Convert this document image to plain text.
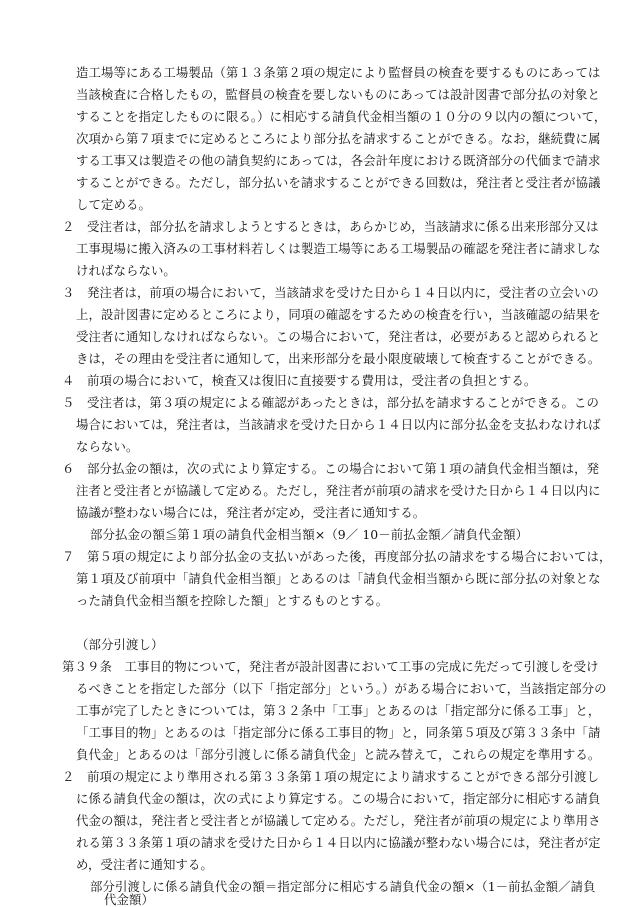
造工場等にある工場製品（第１３条第２項の規定により監督員の検査を要するものにあっては
当該検査に合格したもの，監督員の検査を要しないものにあっては設計図書で部分払の対象と
することを指定したものに限る。）に相応する請負代金相当額の１０分の９以内の額について，
次項から第７項までに定めるところにより部分払を請求することができる。なお，継続費に属
する工事又は製造その他の請負契約にあっては，各会計年度における既済部分の代価まで請求
することができる。ただし，部分払いを請求することができる回数は，発注者と受注者が協議
して定める。
２　受注者は，部分払を請求しようとするときは，あらかじめ，当該請求に係る出来形部分又は
工事現場に搬入済みの工事材料若しくは製造工場等にある工場製品の確認を発注者に請求しな
ければならない。
３　発注者は，前項の場合において，当該請求を受けた日から１４日以内に，受注者の立会いの
上，設計図書に定めるところにより，同項の確認をするための検査を行い，当該確認の結果を
受注者に通知しなければならない。この場合において，発注者は，必要があると認められると
きは，その理由を受注者に通知して，出来形部分を最小限度破壊して検査することができる。
４　前項の場合において，検査又は復旧に直接要する費用は，受注者の負担とする。
５　受注者は，第３項の規定による確認があったときは，部分払を請求することができる。この
場合においては，発注者は，当該請求を受けた日から１４日以内に部分払金を支払わなければ
ならない。
６　部分払金の額は，次の式により算定する。この場合において第１項の請負代金相当額は，発
注者と受注者とが協議して定める。ただし，発注者が前項の請求を受けた日から１４日以内に
協議が整わない場合には，発注者が定め，受注者に通知する。
部分払金の額≦第１項の請負代金相当額×（9／ 10－前払金額／請負代金額）
７　第５項の規定により部分払金の支払いがあった後，再度部分払の請求をする場合においては，
第１項及び前項中「請負代金相当額」とあるのは「請負代金相当額から既に部分払の対象とな
った請負代金相当額を控除した額」とするものとする。
（部分引渡し）
第３９条　工事目的物について，発注者が設計図書において工事の完成に先だって引渡しを受け
るべきことを指定した部分（以下「指定部分」という。）がある場合において，当該指定部分の
工事が完了したときについては，第３２条中「工事」とあるのは「指定部分に係る工事」と，
「工事目的物」とあるのは「指定部分に係る工事目的物」と，同条第５項及び第３３条中「請
負代金」とあるのは「部分引渡しに係る請負代金」と読み替えて，これらの規定を準用する。
２　前項の規定により準用される第３３条第１項の規定により請求することができる部分引渡し
に係る請負代金の額は，次の式により算定する。この場合において，指定部分に相応する請負
代金の額は，発注者と受注者とが協議して定める。ただし，発注者が前項の規定により準用さ
れる第３３条第１項の請求を受けた日から１４日以内に協議が整わない場合には，発注者が定
め，受注者に通知する。
部分引渡しに係る請負代金の額＝指定部分に相応する請負代金の額×（1－前払金額／請負
代金額）
